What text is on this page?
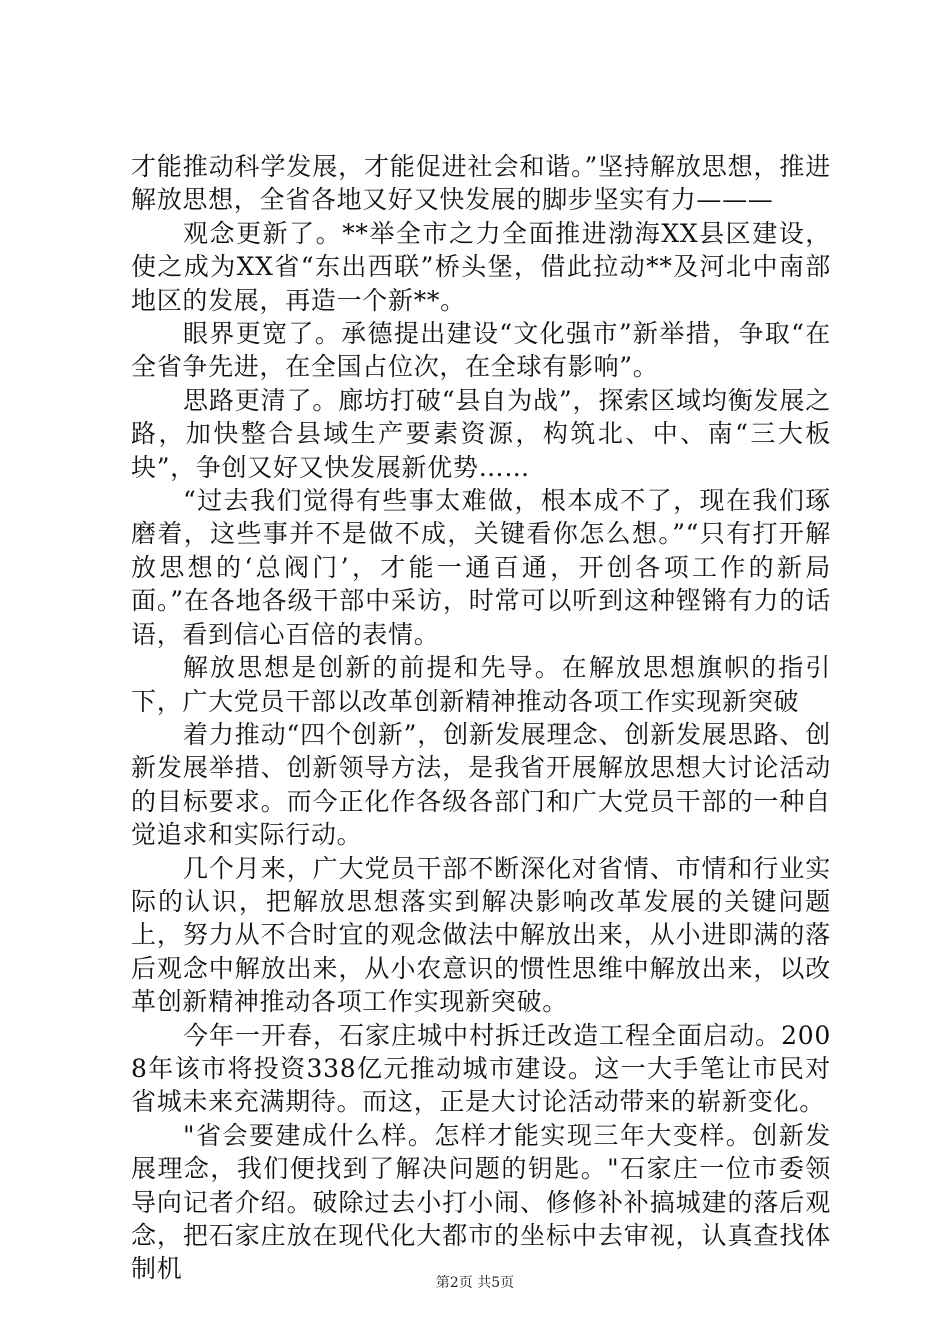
才能推动科学发展，才能促进社会和谐。”坚持解放思想，推进解放思想，全省各地又好又快发展的脚步坚实有力———

观念更新了。**举全市之力全面推进渤海XX县区建设，使之成为XX省“东出西联”桥头堡，借此拉动**及河北中南部地区的发展，再造一个新**。

眼界更宽了。承德提出建设“文化强市”新举措，争取“在全省争先进，在全国占位次，在全球有影响”。

思路更清了。廊坊打破“县自为战”，探索区域均衡发展之路，加快整合县域生产要素资源，构筑北、中、南“三大板块”，争创又好又快发展新优势……

“过去我们觉得有些事太难做，根本成不了，现在我们琢磨着，这些事并不是做不成，关键看你怎么想。”“只有打开解放思想的‘总阀门’，才能一通百通，开创各项工作的新局面。”在各地各级干部中采访，时常可以听到这种铿锵有力的话语，看到信心百倍的表情。

解放思想是创新的前提和先导。在解放思想旗帜的指引下，广大党员干部以改革创新精神推动各项工作实现新突破

着力推动“四个创新”，创新发展理念、创新发展思路、创新发展举措、创新领导方法，是我省开展解放思想大讨论活动的目标要求。而今正化作各级各部门和广大党员干部的一种自觉追求和实际行动。

几个月来，广大党员干部不断深化对省情、市情和行业实际的认识，把解放思想落实到解决影响改革发展的关键问题上，努力从不合时宜的观念做法中解放出来，从小进即满的落后观念中解放出来，从小农意识的惯性思维中解放出来，以改革创新精神推动各项工作实现新突破。

今年一开春，石家庄城中村拆迁改造工程全面启动。2008年该市将投资338亿元推动城市建设。这一大手笔让市民对省城未来充满期待。而这，正是大讨论活动带来的崭新变化。

"省会要建成什么样。怎样才能实现三年大变样。创新发展理念，我们便找到了解决问题的钥匙。"石家庄一位市委领导向记者介绍。破除过去小打小闹、修修补补搞城建的落后观念，把石家庄放在现代化大都市的坐标中去审视，认真查找体制机	第2页 共5页
